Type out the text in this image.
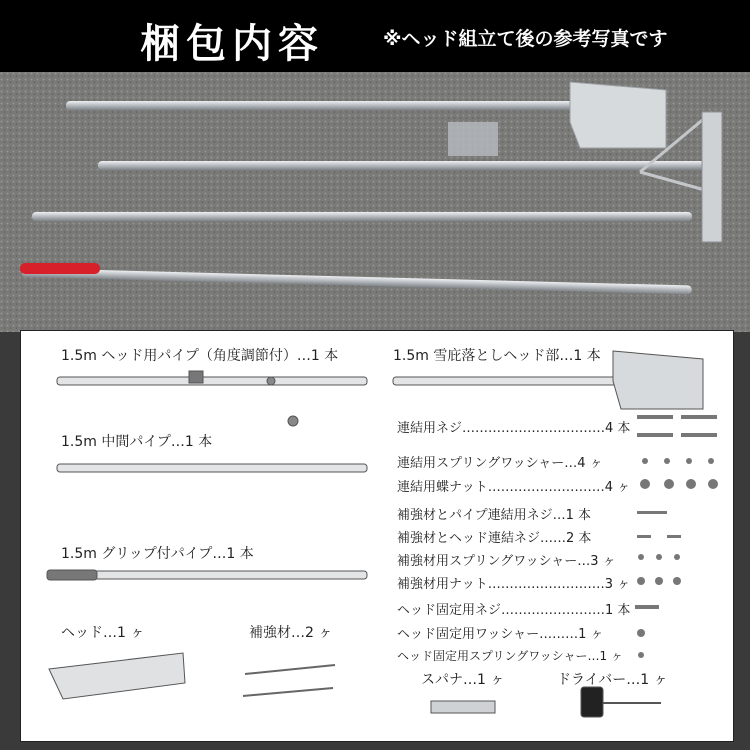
梱包内容	※ヘッド組立て後の参考写真です
1.5m ヘッド用パイプ（角度調節付）…1 本
1.5m 中間パイプ…1 本
1.5m グリップ付パイプ…1 本
ヘッド…1 ヶ	補強材…2 ヶ
1.5m 雪庇落としヘッド部…1 本
連結用ネジ……………………………4 本
連結用スプリングワッシャー…4 ヶ
連結用蝶ナット………………………4 ヶ
補強材とパイプ連結用ネジ…1 本
補強材とヘッド連結ネジ……2 本
補強材用スプリングワッシャー…3 ヶ
補強材用ナット………………………3 ヶ
ヘッド固定用ネジ……………………1 本
ヘッド固定用ワッシャー………1 ヶ
ヘッド固定用スプリングワッシャー…1 ヶ
スパナ…1 ヶ	ドライバー…1 ヶ
